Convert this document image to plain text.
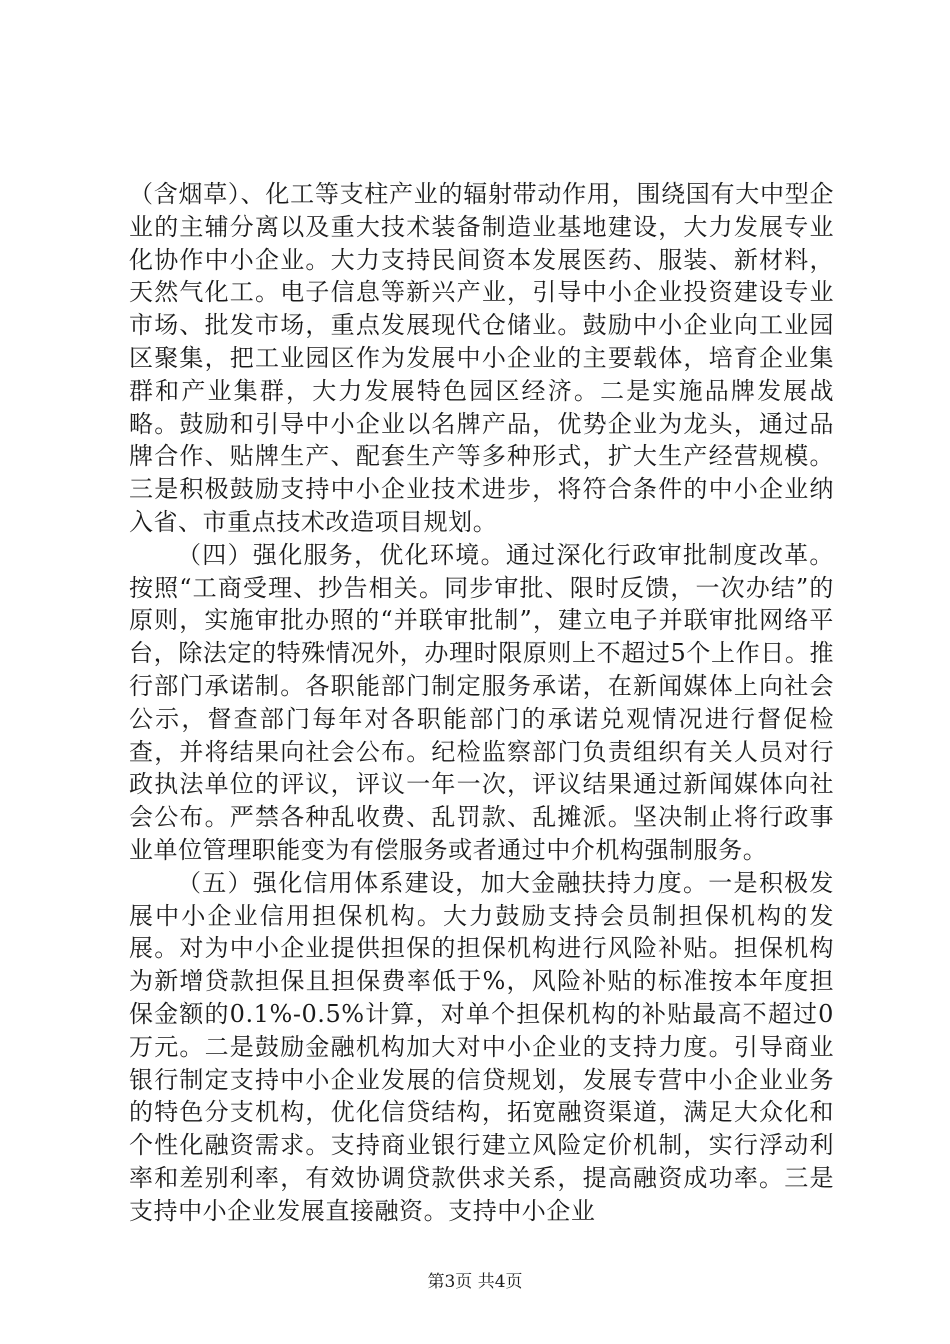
（含烟草）、化工等支柱产业的辐射带动作用，围绕国有大中型企业的主辅分离以及重大技术装备制造业基地建设，大力发展专业化协作中小企业。大力支持民间资本发展医药、服装、新材料，天然气化工。电子信息等新兴产业，引导中小企业投资建设专业市场、批发市场，重点发展现代仓储业。鼓励中小企业向工业园区聚集，把工业园区作为发展中小企业的主要载体，培育企业集群和产业集群，大力发展特色园区经济。二是实施品牌发展战略。鼓励和引导中小企业以名牌产品，优势企业为龙头，通过品牌合作、贴牌生产、配套生产等多种形式，扩大生产经营规模。三是积极鼓励支持中小企业技术进步，将符合条件的中小企业纳入省、市重点技术改造项目规划。

（四）强化服务，优化环境。通过深化行政审批制度改革。按照“工商受理、抄告相关。同步审批、限时反馈，一次办结”的原则，实施审批办照的“并联审批制”，建立电子并联审批网络平台，除法定的特殊情况外，办理时限原则上不超过5个上作日。推行部门承诺制。各职能部门制定服务承诺，在新闻媒体上向社会公示，督查部门每年对各职能部门的承诺兑观情况进行督促检查，并将结果向社会公布。纪检监察部门负责组织有关人员对行政执法单位的评议，评议一年一次，评议结果通过新闻媒体向社会公布。严禁各种乱收费、乱罚款、乱摊派。坚决制止将行政事业单位管理职能变为有偿服务或者通过中介机构强制服务。

（五）强化信用体系建设，加大金融扶持力度。一是积极发展中小企业信用担保机构。大力鼓励支持会员制担保机构的发展。对为中小企业提供担保的担保机构进行风险补贴。担保机构为新增贷款担保且担保费率低于%，风险补贴的标准按本年度担保金额的0.1%-0.5%计算，对单个担保机构的补贴最高不超过0万元。二是鼓励金融机构加大对中小企业的支持力度。引导商业银行制定支持中小企业发展的信贷规划，发展专营中小企业业务的特色分支机构，优化信贷结构，拓宽融资渠道，满足大众化和个性化融资需求。支持商业银行建立风险定价机制，实行浮动利率和差别利率，有效协调贷款供求关系，提高融资成功率。三是支持中小企业发展直接融资。支持中小企业

第3页 共4页
